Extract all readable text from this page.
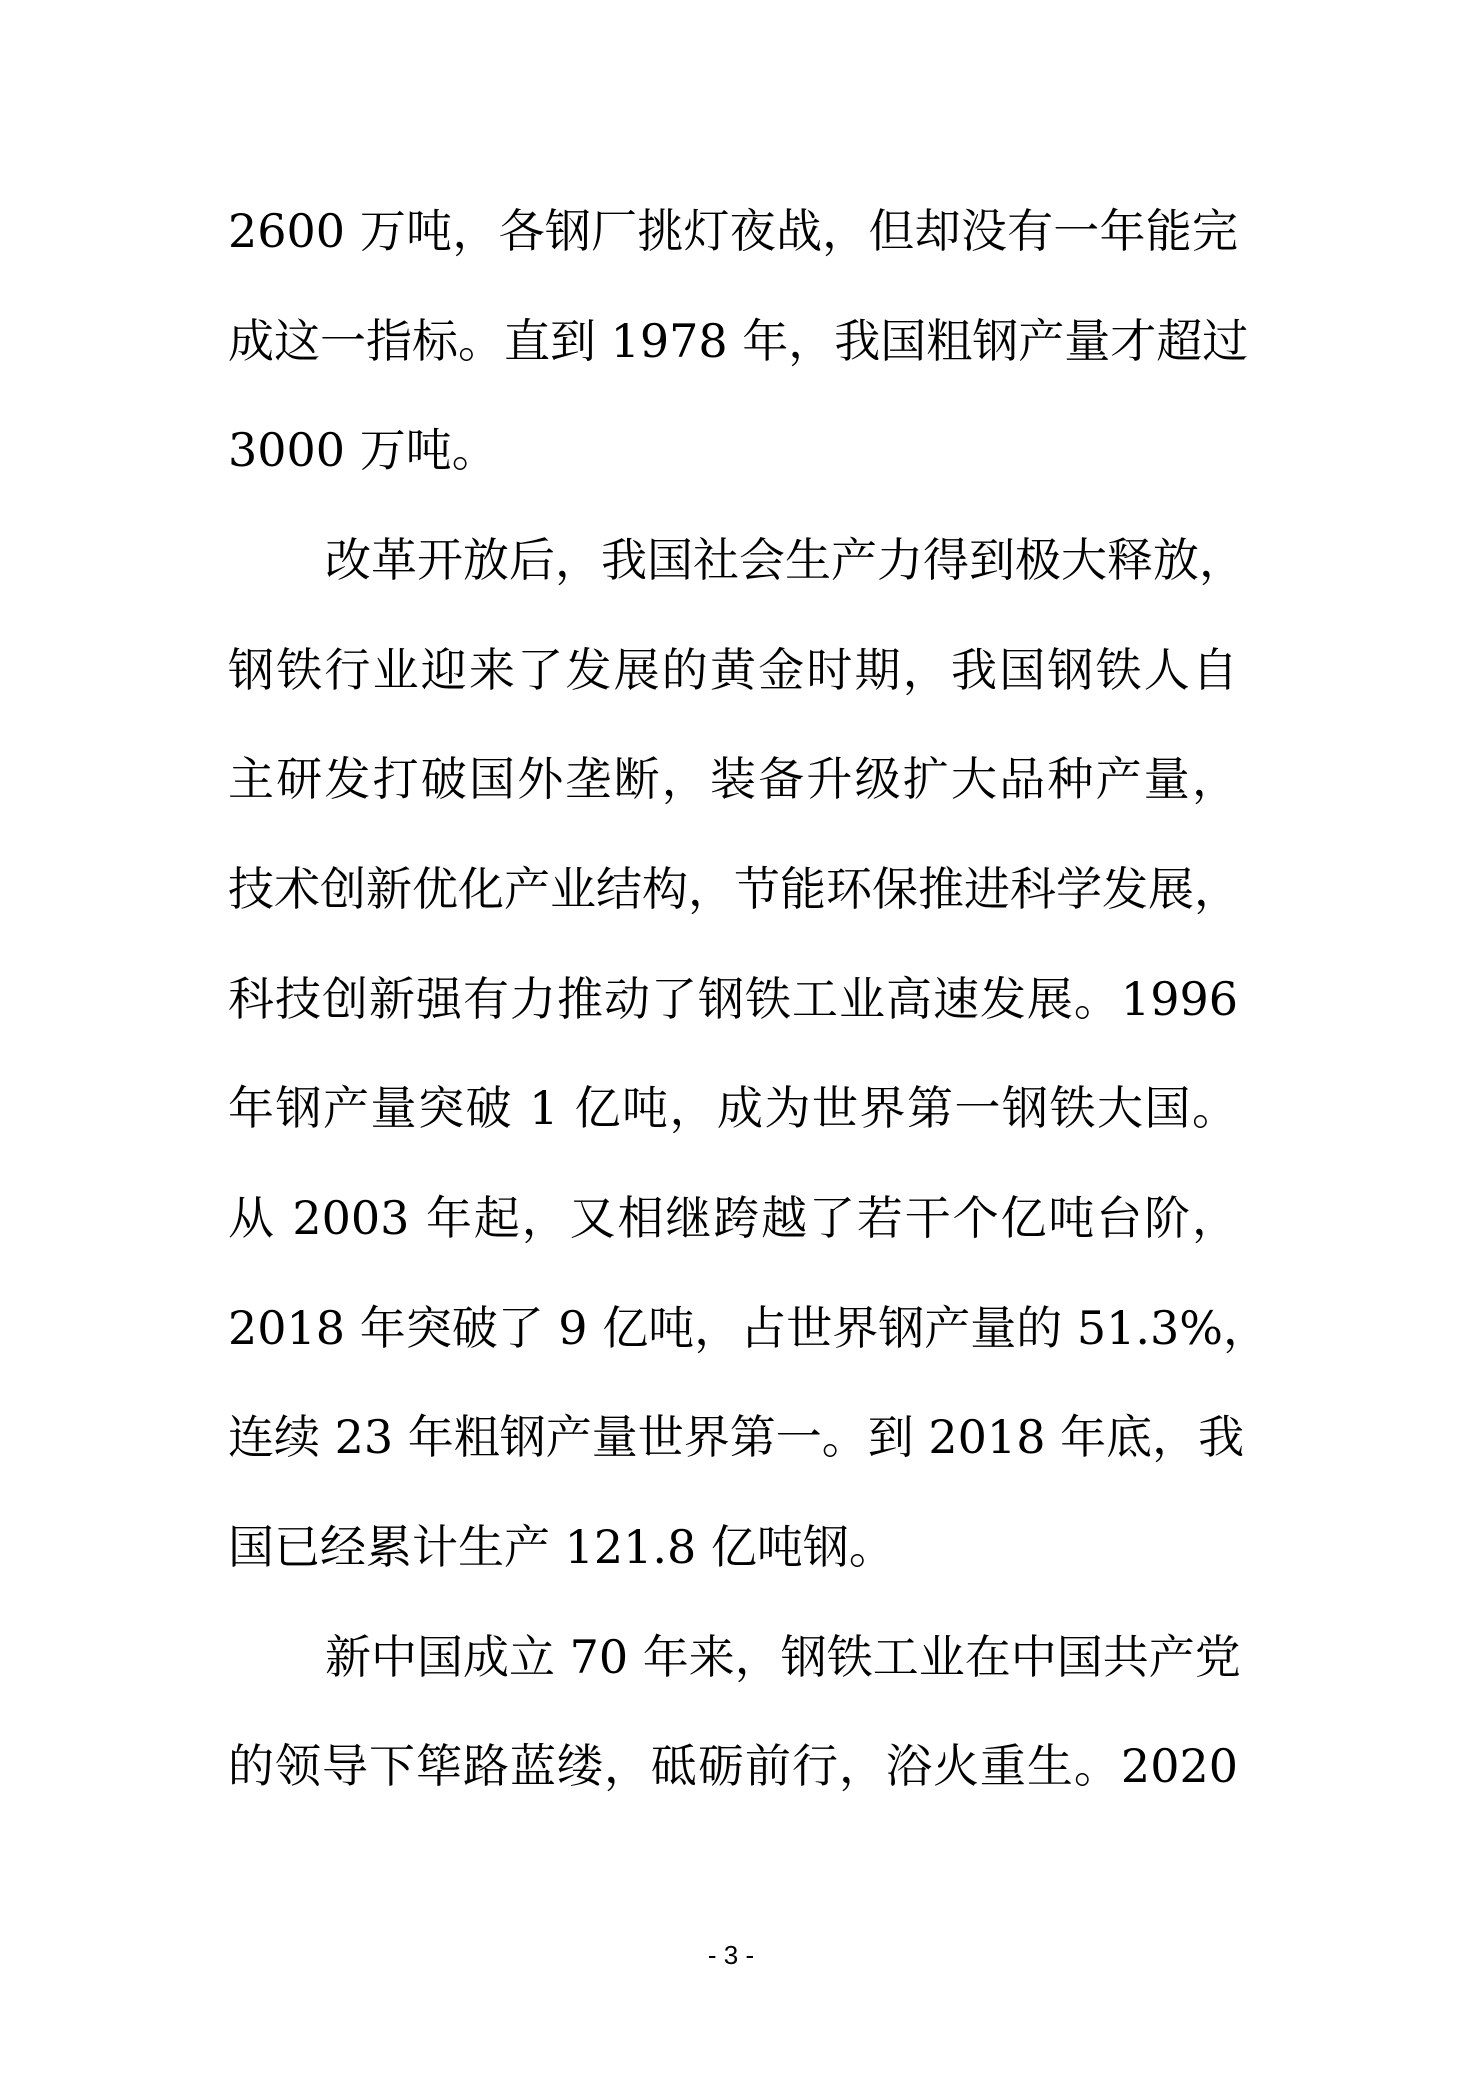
2600 万吨，各钢厂挑灯夜战，但却没有一年能完
成这一指标。直到 1978 年，我国粗钢产量才超过
3000 万吨。
改革开放后，我国社会生产力得到极大释放，
钢铁行业迎来了发展的黄金时期，我国钢铁人自
主研发打破国外垄断，装备升级扩大品种产量，
技术创新优化产业结构，节能环保推进科学发展，
科技创新强有力推动了钢铁工业高速发展。1996
年钢产量突破 1 亿吨，成为世界第一钢铁大国。
从 2003 年起，又相继跨越了若干个亿吨台阶，
2018 年突破了 9 亿吨，占世界钢产量的 51.3%，
连续 23 年粗钢产量世界第一。到 2018 年底，我
国已经累计生产 121.8 亿吨钢。
新中国成立 70 年来，钢铁工业在中国共产党
的领导下筚路蓝缕，砥砺前行，浴火重生。2020
- 3 -
